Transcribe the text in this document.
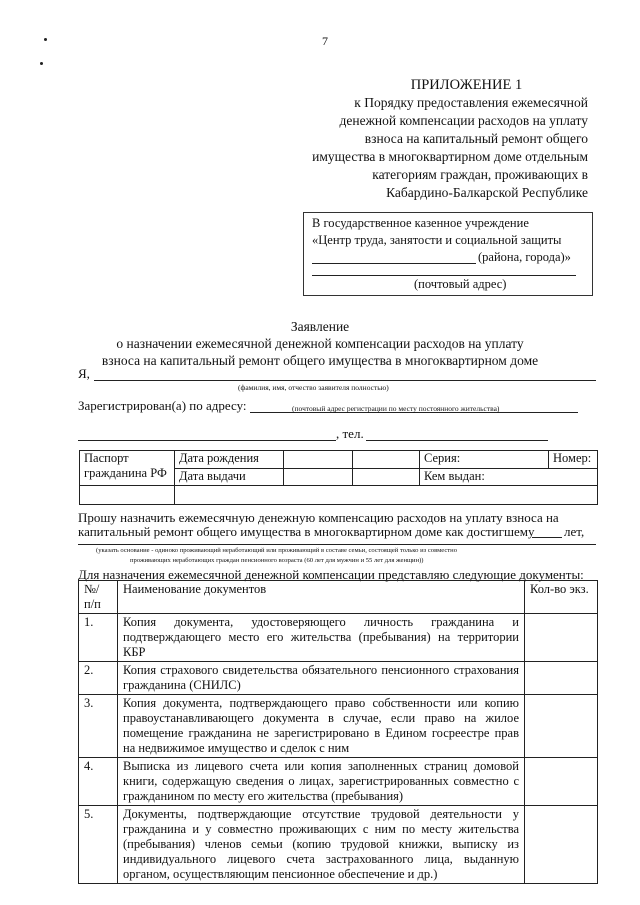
7
ПРИЛОЖЕНИЕ 1
к Порядку предоставления ежемесячной
денежной компенсации расходов на уплату
взноса на капитальный ремонт общего
имущества в многоквартирном доме отдельным
категориям граждан, проживающих в
Кабардино-Балкарской Республике
В государственное казенное учреждение
«Центр труда, занятости и социальной защиты
(района, города)»
(почтовый адрес)
Заявление
о назначении ежемесячной денежной компенсации расходов на уплату
взноса на капитальный ремонт общего имущества в многоквартирном доме
Я,
(фамилия, имя, отчество заявителя полностью)
Зарегистрирован(а) по адресу:	(почтовый адрес регистрации по месту постоянного жительства)
, тел.
Паспорт
гражданина РФ	Дата рождения			Серия:	Номер:
	Дата выдачи			Кем выдан:	

Прошу назначить ежемесячную денежную компенсацию расходов на уплату взноса на
капитальный ремонт общего имущества в многоквартирном доме как достигшему лет,
(указать основание - одиноко проживающий неработающий или проживающий в составе семьи, состоящей только из совместно
проживающих неработающих граждан пенсионного возраста (60 лет для мужчин и 55 лет для женщин))
Для назначения ежемесячной денежной компенсации представляю следующие документы:
№/ п/п	Наименование документов	Кол-во экз.
1.	Копия документа, удостоверяющего личность гражданина и подтверждающего место его жительства (пребывания) на территории КБР	
2.	Копия страхового свидетельства обязательного пенсионного страхования гражданина (СНИЛС)	
3.	Копия документа, подтверждающего право собственности или копию правоустанавливающего документа в случае, если право на жилое помещение гражданина не зарегистрировано в Едином госреестре прав на недвижимое имущество и сделок с ним	
4.	Выписка из лицевого счета или копия заполненных страниц домовой книги, содержащую сведения о лицах, зарегистрированных совместно с гражданином по месту его жительства (пребывания)	
5.	Документы, подтверждающие отсутствие трудовой деятельности у гражданина и у совместно проживающих с ним по месту жительства (пребывания) членов семьи (копию трудовой книжки, выписку из индивидуального лицевого счета застрахованного лица, выданную органом, осуществляющим пенсионное обеспечение и др.)	
